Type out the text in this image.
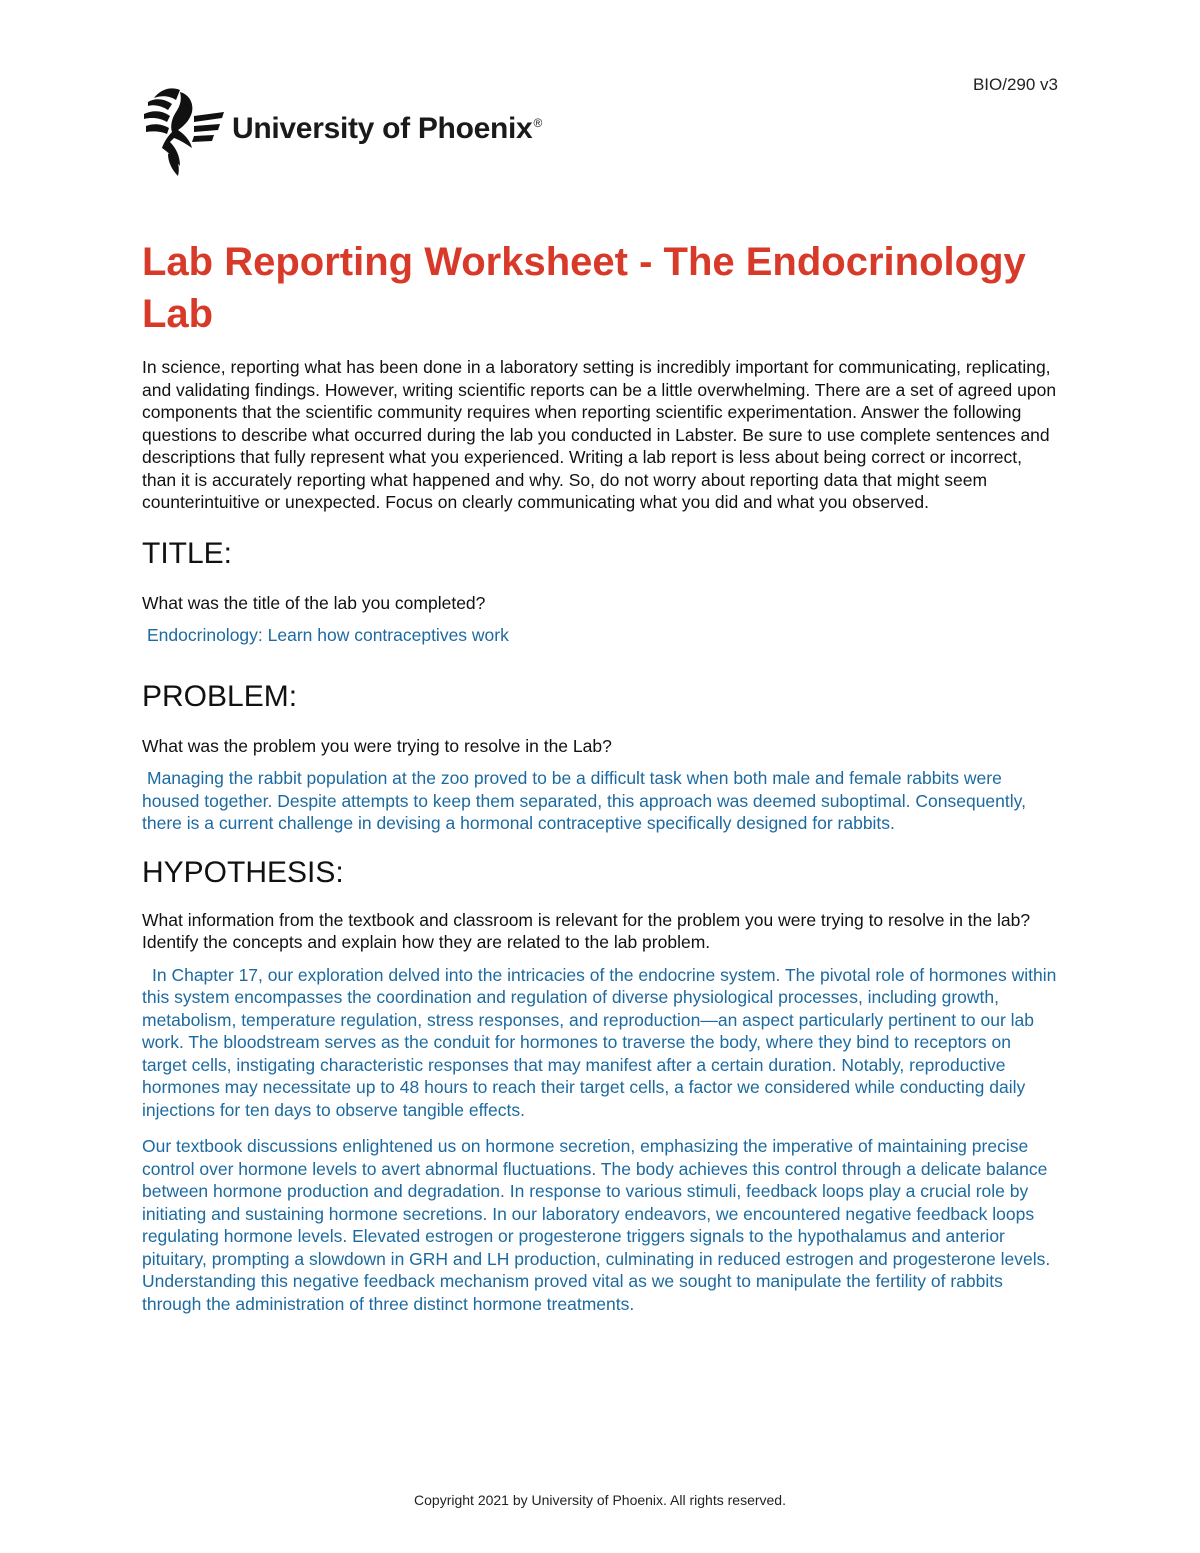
BIO/290 v3
University of Phoenix®
Lab Reporting Worksheet - The Endocrinology Lab

In science, reporting what has been done in a laboratory setting is incredibly important for communicating, replicating, and validating findings. However, writing scientific reports can be a little overwhelming. There are a set of agreed upon components that the scientific community requires when reporting scientific experimentation. Answer the following questions to describe what occurred during the lab you conducted in Labster. Be sure to use complete sentences and descriptions that fully represent what you experienced. Writing a lab report is less about being correct or incorrect, than it is accurately reporting what happened and why. So, do not worry about reporting data that might seem counterintuitive or unexpected. Focus on clearly communicating what you did and what you observed.

TITLE:

What was the title of the lab you completed?

Endocrinology: Learn how contraceptives work

PROBLEM:

What was the problem you were trying to resolve in the Lab?

Managing the rabbit population at the zoo proved to be a difficult task when both male and female rabbits were housed together. Despite attempts to keep them separated, this approach was deemed suboptimal. Consequently, there is a current challenge in devising a hormonal contraceptive specifically designed for rabbits.

HYPOTHESIS:

What information from the textbook and classroom is relevant for the problem you were trying to resolve in the lab? Identify the concepts and explain how they are related to the lab problem.

In Chapter 17, our exploration delved into the intricacies of the endocrine system. The pivotal role of hormones within this system encompasses the coordination and regulation of diverse physiological processes, including growth, metabolism, temperature regulation, stress responses, and reproduction—an aspect particularly pertinent to our lab work. The bloodstream serves as the conduit for hormones to traverse the body, where they bind to receptors on target cells, instigating characteristic responses that may manifest after a certain duration. Notably, reproductive hormones may necessitate up to 48 hours to reach their target cells, a factor we considered while conducting daily injections for ten days to observe tangible effects.

Our textbook discussions enlightened us on hormone secretion, emphasizing the imperative of maintaining precise control over hormone levels to avert abnormal fluctuations. The body achieves this control through a delicate balance between hormone production and degradation. In response to various stimuli, feedback loops play a crucial role by initiating and sustaining hormone secretions. In our laboratory endeavors, we encountered negative feedback loops regulating hormone levels. Elevated estrogen or progesterone triggers signals to the hypothalamus and anterior pituitary, prompting a slowdown in GRH and LH production, culminating in reduced estrogen and progesterone levels. Understanding this negative feedback mechanism proved vital as we sought to manipulate the fertility of rabbits through the administration of three distinct hormone treatments.

Copyright 2021 by University of Phoenix. All rights reserved.
